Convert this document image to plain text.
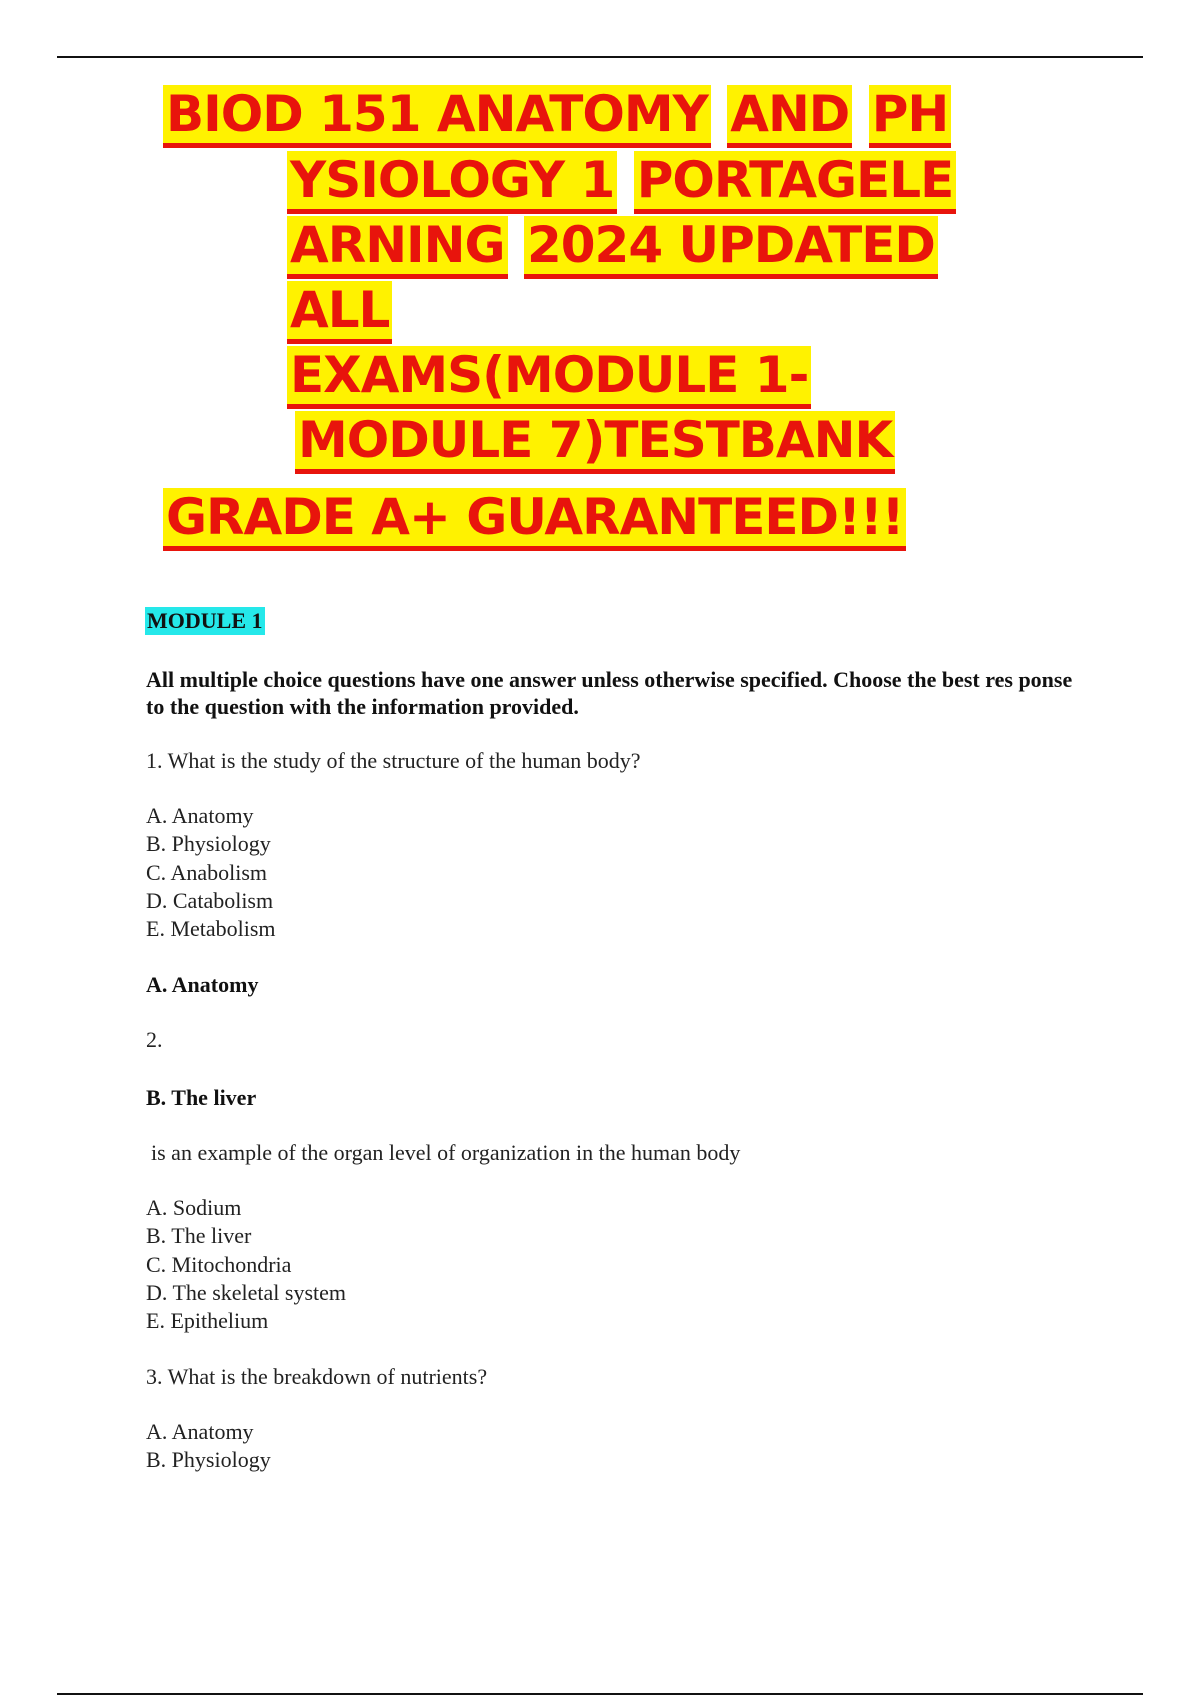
BIOD 151 ANATOMY AND PH

YSIOLOGY 1 PORTAGELE

ARNING 2024 UPDATED

ALL

EXAMS(MODULE 1-

MODULE 7)TESTBANK

GRADE A+ GUARANTEED!!!

MODULE 1

All multiple choice questions have one answer unless otherwise specified. Choose the best res ponse to the question with the information provided.

1. What is the study of the structure of the human body?

A. Anatomy
B. Physiology
C. Anabolism
D. Catabolism
E. Metabolism

A. Anatomy

2.

B. The liver

is an example of the organ level of organization in the human body

A. Sodium
B. The liver
C. Mitochondria
D. The skeletal system
E. Epithelium

3. What is the breakdown of nutrients?

A. Anatomy
B. Physiology
